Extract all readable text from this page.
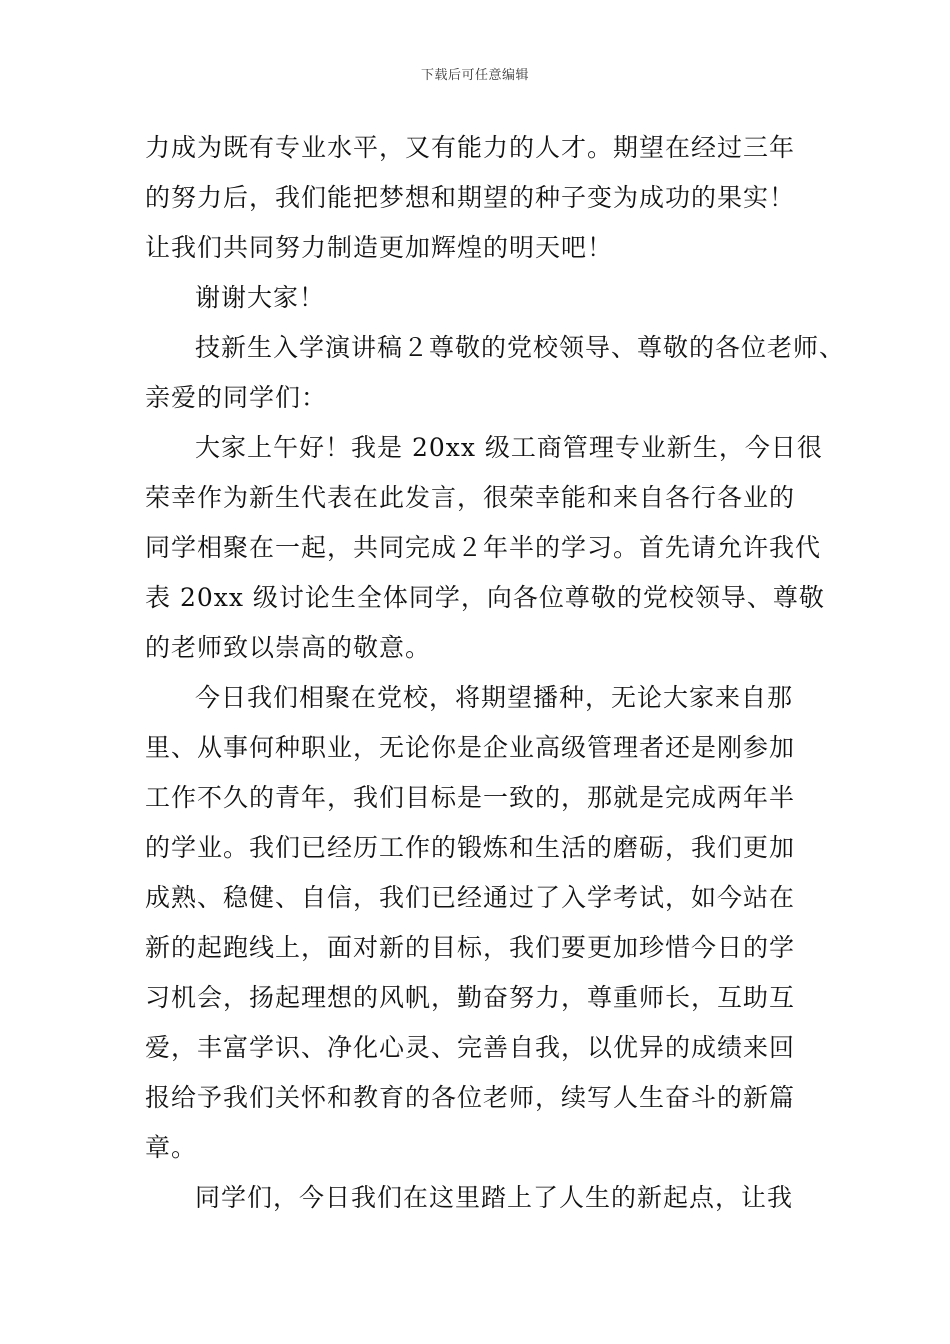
下载后可任意编辑
力成为既有专业水平，又有能力的人才。期望在经过三年
的努力后，我们能把梦想和期望的种子变为成功的果实！
让我们共同努力制造更加辉煌的明天吧！
谢谢大家！
技新生入学演讲稿２尊敬的党校领导、尊敬的各位老师、
亲爱的同学们：
大家上午好！我是 20xx 级工商管理专业新生，今日很
荣幸作为新生代表在此发言，很荣幸能和来自各行各业的
同学相聚在一起，共同完成２年半的学习。首先请允许我代
表 20xx 级讨论生全体同学，向各位尊敬的党校领导、尊敬
的老师致以崇高的敬意。
今日我们相聚在党校，将期望播种，无论大家来自那
里、从事何种职业，无论你是企业高级管理者还是刚参加
工作不久的青年，我们目标是一致的，那就是完成两年半
的学业。我们已经历工作的锻炼和生活的磨砺，我们更加
成熟、稳健、自信，我们已经通过了入学考试，如今站在
新的起跑线上，面对新的目标，我们要更加珍惜今日的学
习机会，扬起理想的风帆，勤奋努力，尊重师长，互助互
爱，丰富学识、净化心灵、完善自我，以优异的成绩来回
报给予我们关怀和教育的各位老师，续写人生奋斗的新篇
章。
同学们，今日我们在这里踏上了人生的新起点，让我
